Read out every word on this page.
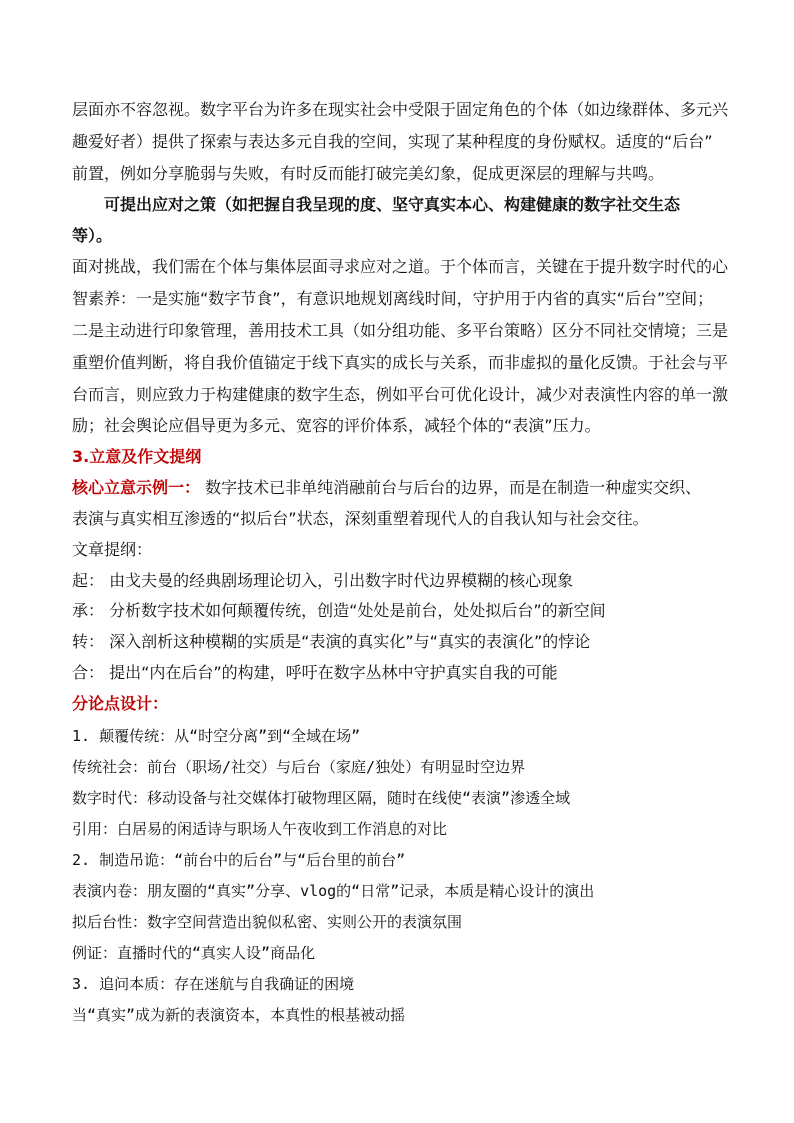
层面亦不容忽视。数字平台为许多在现实社会中受限于固定角色的个体（如边缘群体、多元兴
趣爱好者）提供了探索与表达多元自我的空间，实现了某种程度的身份赋权。适度的“后台”
前置，例如分享脆弱与失败，有时反而能打破完美幻象，促成更深层的理解与共鸣。
可提出应对之策（如把握自我呈现的度、坚守真实本心、构建健康的数字社交生态
等）。
面对挑战，我们需在个体与集体层面寻求应对之道。于个体而言，关键在于提升数字时代的心
智素养：一是实施“数字节食”，有意识地规划离线时间，守护用于内省的真实“后台”空间；
二是主动进行印象管理，善用技术工具（如分组功能、多平台策略）区分不同社交情境；三是
重塑价值判断，将自我价值锚定于线下真实的成长与关系，而非虚拟的量化反馈。于社会与平
台而言，则应致力于构建健康的数字生态，例如平台可优化设计，减少对表演性内容的单一激
励；社会舆论应倡导更为多元、宽容的评价体系，减轻个体的“表演”压力。
3.立意及作文提纲
核心立意示例一： 数字技术已非单纯消融前台与后台的边界，而是在制造一种虚实交织、
表演与真实相互渗透的“拟后台”状态，深刻重塑着现代人的自我认知与社会交往。
文章提纲：
起： 由戈夫曼的经典剧场理论切入，引出数字时代边界模糊的核心现象
承： 分析数字技术如何颠覆传统，创造“处处是前台，处处拟后台”的新空间
转： 深入剖析这种模糊的实质是“表演的真实化”与“真实的表演化”的悖论
合： 提出“内在后台”的构建，呼吁在数字丛林中守护真实自我的可能
分论点设计：
1. 颠覆传统：从“时空分离”到“全域在场”
传统社会：前台（职场/社交）与后台（家庭/独处）有明显时空边界
数字时代：移动设备与社交媒体打破物理区隔，随时在线使“表演”渗透全域
引用：白居易的闲适诗与职场人午夜收到工作消息的对比
2. 制造吊诡：“前台中的后台”与“后台里的前台”
表演内卷：朋友圈的“真实”分享、vlog的“日常”记录，本质是精心设计的演出
拟后台性：数字空间营造出貌似私密、实则公开的表演氛围
例证：直播时代的“真实人设”商品化
3. 追问本质：存在迷航与自我确证的困境
当“真实”成为新的表演资本，本真性的根基被动摇
